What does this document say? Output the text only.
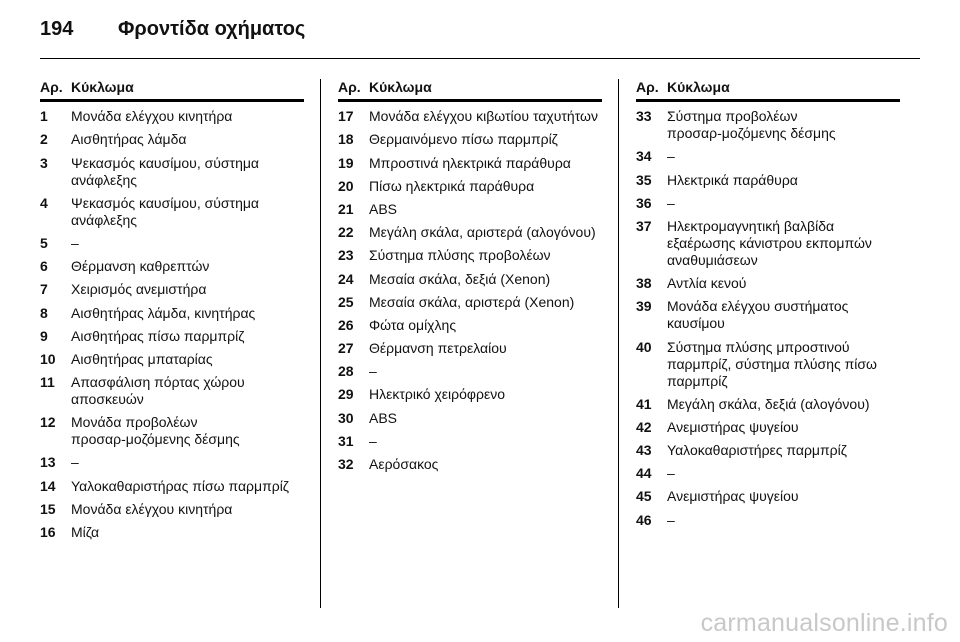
194	Φροντίδα οχήματος
Αρ. Κύκλωμα
1	Μονάδα ελέγχου κινητήρα
2	Αισθητήρας λάμδα
3	Ψεκασμός καυσίμου, σύστημα ανάφλεξης
4	Ψεκασμός καυσίμου, σύστημα ανάφλεξης
5	–
6	Θέρμανση καθρεπτών
7	Χειρισμός ανεμιστήρα
8	Αισθητήρας λάμδα, κινητήρας
9	Αισθητήρας πίσω παρμπρίζ
10	Αισθητήρας μπαταρίας
11	Απασφάλιση πόρτας χώρου αποσκευών
12	Μονάδα προβολέων προσαρ‑μοζόμενης δέσμης
13	–
14	Υαλοκαθαριστήρας πίσω παρμπρίζ
15	Μονάδα ελέγχου κινητήρα
16	Μίζα
Αρ. Κύκλωμα
17	Μονάδα ελέγχου κιβωτίου ταχυτήτων
18	Θερμαινόμενο πίσω παρμπρίζ
19	Μπροστινά ηλεκτρικά παράθυρα
20	Πίσω ηλεκτρικά παράθυρα
21	ABS
22	Μεγάλη σκάλα, αριστερά (αλογόνου)
23	Σύστημα πλύσης προβολέων
24	Μεσαία σκάλα, δεξιά (Xenon)
25	Μεσαία σκάλα, αριστερά (Xenon)
26	Φώτα ομίχλης
27	Θέρμανση πετρελαίου
28	–
29	Ηλεκτρικό χειρόφρενο
30	ABS
31	–
32	Αερόσακος
Αρ. Κύκλωμα
33	Σύστημα προβολέων προσαρ‑μοζόμενης δέσμης
34	–
35	Ηλεκτρικά παράθυρα
36	–
37	Ηλεκτρομαγνητική βαλβίδα εξαέρωσης κάνιστρου εκπομπών αναθυμιάσεων
38	Αντλία κενού
39	Μονάδα ελέγχου συστήματος καυσίμου
40	Σύστημα πλύσης μπροστινού παρμπρίζ, σύστημα πλύσης πίσω παρμπρίζ
41	Μεγάλη σκάλα, δεξιά (αλογόνου)
42	Ανεμιστήρας ψυγείου
43	Υαλοκαθαριστήρες παρμπρίζ
44	–
45	Ανεμιστήρας ψυγείου
46	–
carmanualsonline.info
